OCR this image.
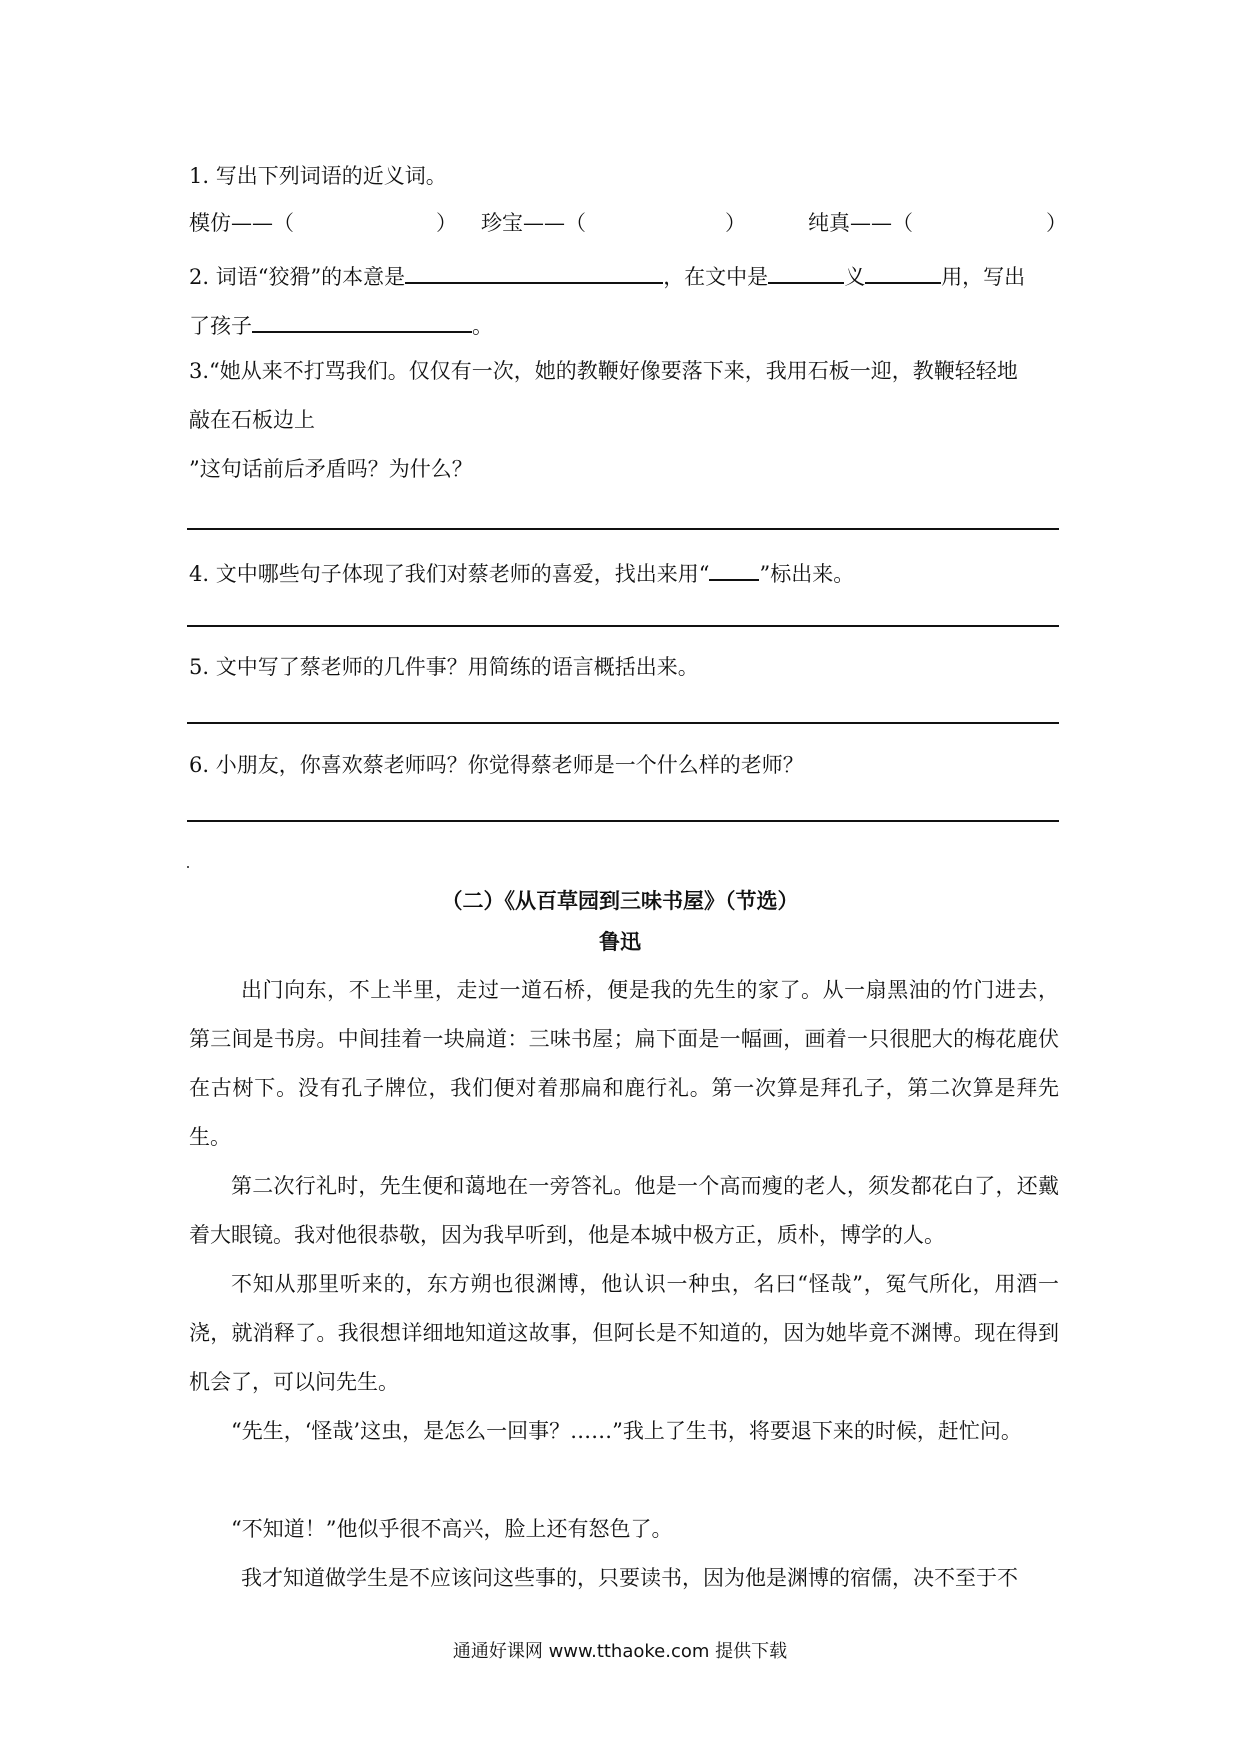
1. 写出下列词语的近义词。
模仿——（	） 珍宝——（	）	纯真——（	）
2. 词语“狡猾”的本意是	，在文中是	义	用，写出
了孩子	。
3.“她从来不打骂我们。仅仅有一次，她的教鞭好像要落下来，我用石板一迎，教鞭轻轻地
敲在石板边上
”这句话前后矛盾吗？为什么？
4. 文中哪些句子体现了我们对蔡老师的喜爱，找出来用“ ”标出来。
5. 文中写了蔡老师的几件事？用简练的语言概括出来。
6. 小朋友，你喜欢蔡老师吗？你觉得蔡老师是一个什么样的老师？
（二）《从百草园到三味书屋》（节选）
鲁迅
出门向东，不上半里，走过一道石桥，便是我的先生的家了。从一扇黑油的竹门进去，第三间是书房。中间挂着一块扁道：三味书屋；扁下面是一幅画，画着一只很肥大的梅花鹿伏在古树下。没有孔子牌位，我们便对着那扁和鹿行礼。第一次算是拜孔子，第二次算是拜先生。
第二次行礼时，先生便和蔼地在一旁答礼。他是一个高而瘦的老人，须发都花白了，还戴着大眼镜。我对他很恭敬，因为我早听到，他是本城中极方正，质朴，博学的人。
不知从那里听来的，东方朔也很渊博，他认识一种虫，名曰“怪哉”，冤气所化，用酒一浇，就消释了。我很想详细地知道这故事，但阿长是不知道的，因为她毕竟不渊博。现在得到机会了，可以问先生。
“先生，‘怪哉’这虫，是怎么一回事？……”我上了生书，将要退下来的时候，赶忙问。
“不知道！”他似乎很不高兴，脸上还有怒色了。
我才知道做学生是不应该问这些事的，只要读书，因为他是渊博的宿儒，决不至于不
通通好课网 www.tthaoke.com 提供下载
